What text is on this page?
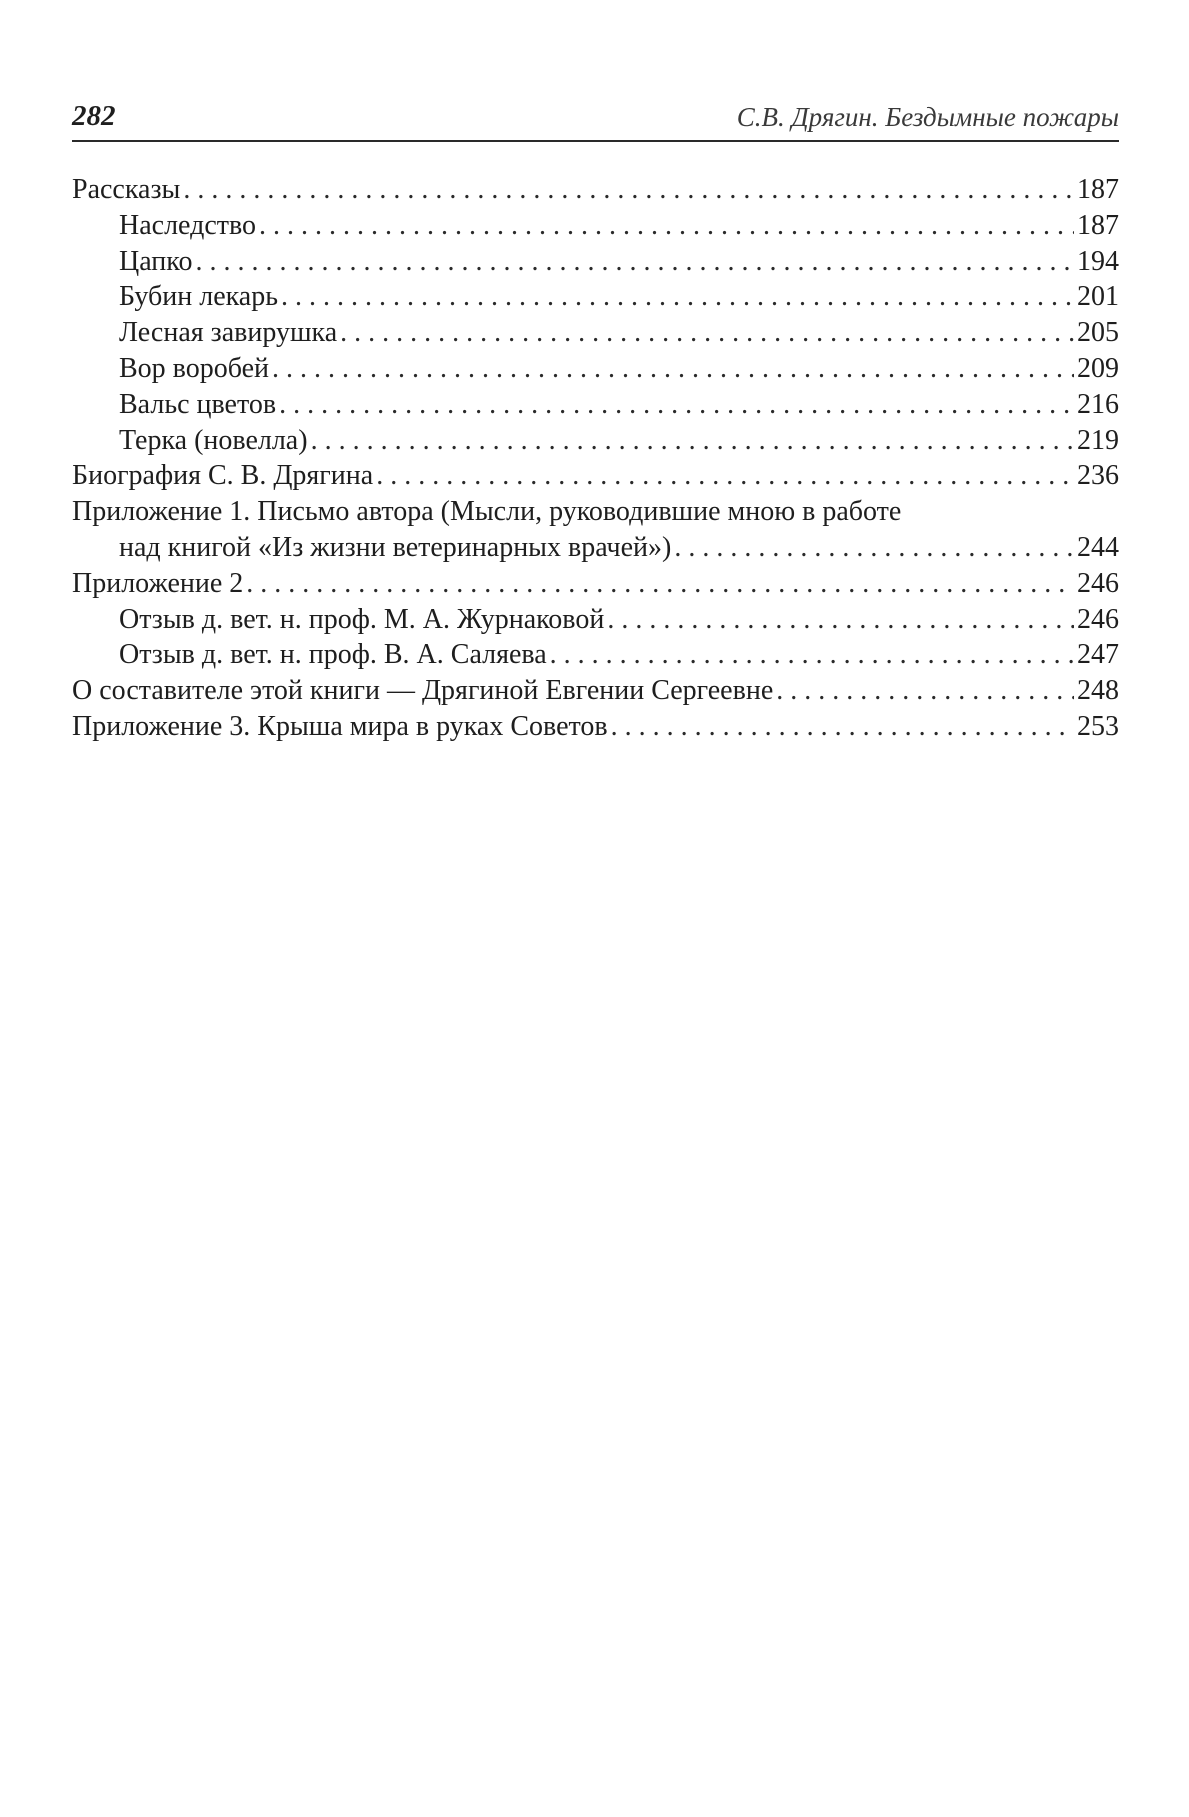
282	С.В. Дрягин. Бездымные пожары
Рассказы . . .	187
Наследство . . .	187
Цапко . . .	194
Бубин лекарь . . .	201
Лесная завирушка . . .	205
Вор воробей . . .	209
Вальс цветов . . .	216
Терка (новелла) . . .	219
Биография С. В. Дрягина . . .	236
Приложение 1. Письмо автора (Мысли, руководившие мною в работе
над книгой «Из жизни ветеринарных врачей») . . .	244
Приложение 2 . . .	246
Отзыв д. вет. н. проф. М. А. Журнаковой . . .	246
Отзыв д. вет. н. проф. В. А. Саляева . . .	247
О составителе этой книги — Дрягиной Евгении Сергеевне . . .	248
Приложение 3. Крыша мира в руках Советов . . .	253
